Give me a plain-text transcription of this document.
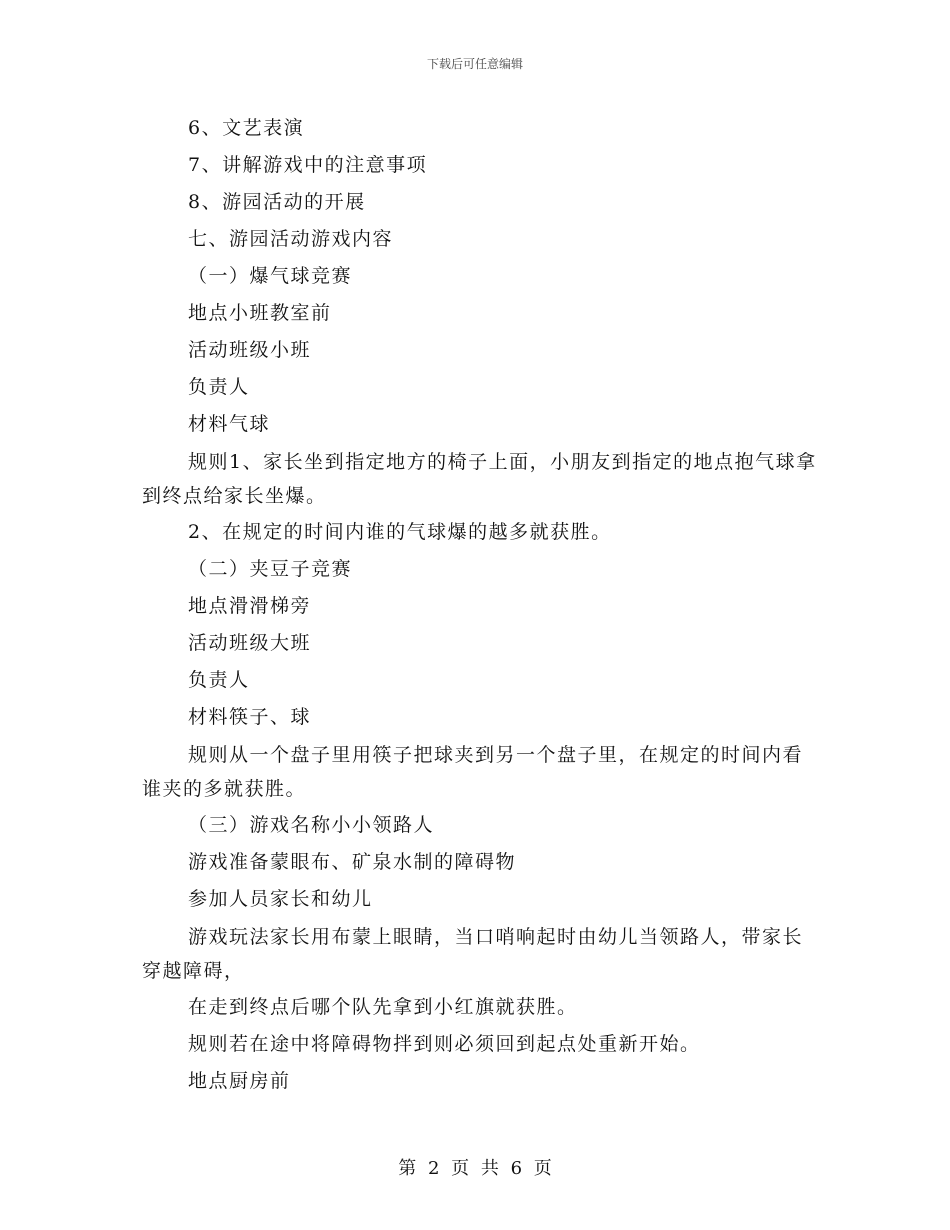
下载后可任意编辑
6、文艺表演
7、讲解游戏中的注意事项
8、游园活动的开展
七、游园活动游戏内容
（一）爆气球竞赛
地点小班教室前
活动班级小班
负责人
材料气球
规则1、家长坐到指定地方的椅子上面，小朋友到指定的地点抱气球拿到终点给家长坐爆。
2、在规定的时间内谁的气球爆的越多就获胜。
（二）夹豆子竞赛
地点滑滑梯旁
活动班级大班
负责人
材料筷子、球
规则从一个盘子里用筷子把球夹到另一个盘子里，在规定的时间内看谁夹的多就获胜。
（三）游戏名称小小领路人
游戏准备蒙眼布、矿泉水制的障碍物
参加人员家长和幼儿
游戏玩法家长用布蒙上眼睛，当口哨响起时由幼儿当领路人，带家长穿越障碍，
在走到终点后哪个队先拿到小红旗就获胜。
规则若在途中将障碍物拌到则必须回到起点处重新开始。
地点厨房前
第 2 页 共 6 页
